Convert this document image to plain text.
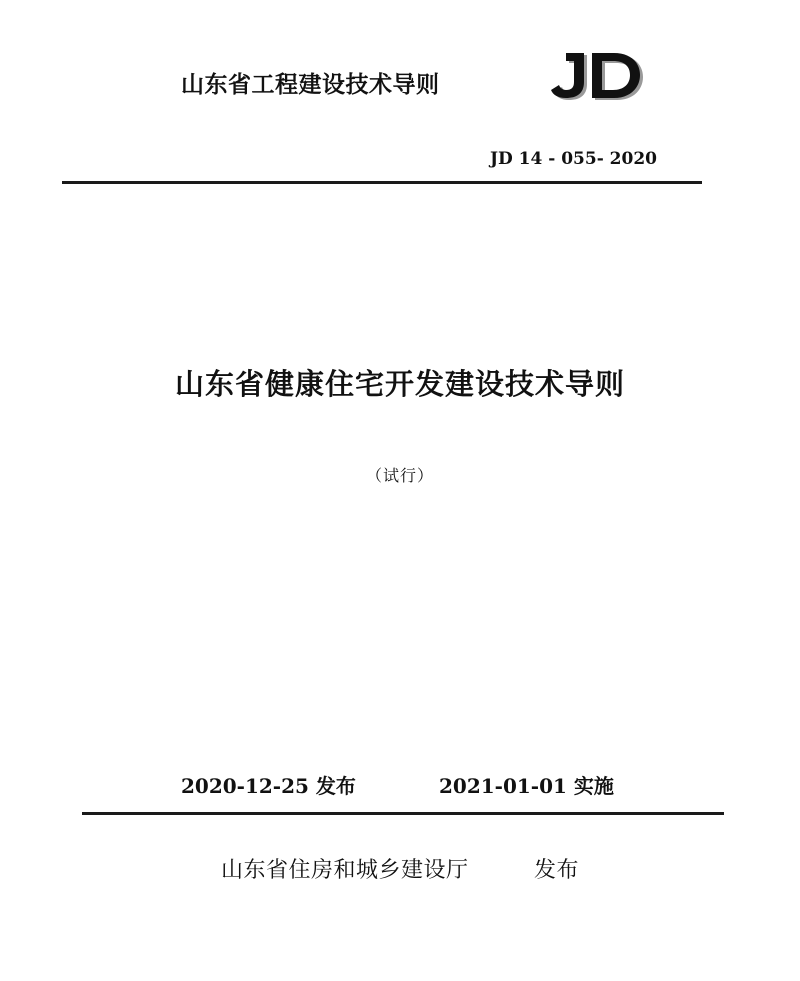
山东省工程建设技术导则
JD
JD 14 - 055- 2020
山东省健康住宅开发建设技术导则
（试行）
2020-12-25 发布	2021-01-01 实施
山东省住房和城乡建设厅	发布
